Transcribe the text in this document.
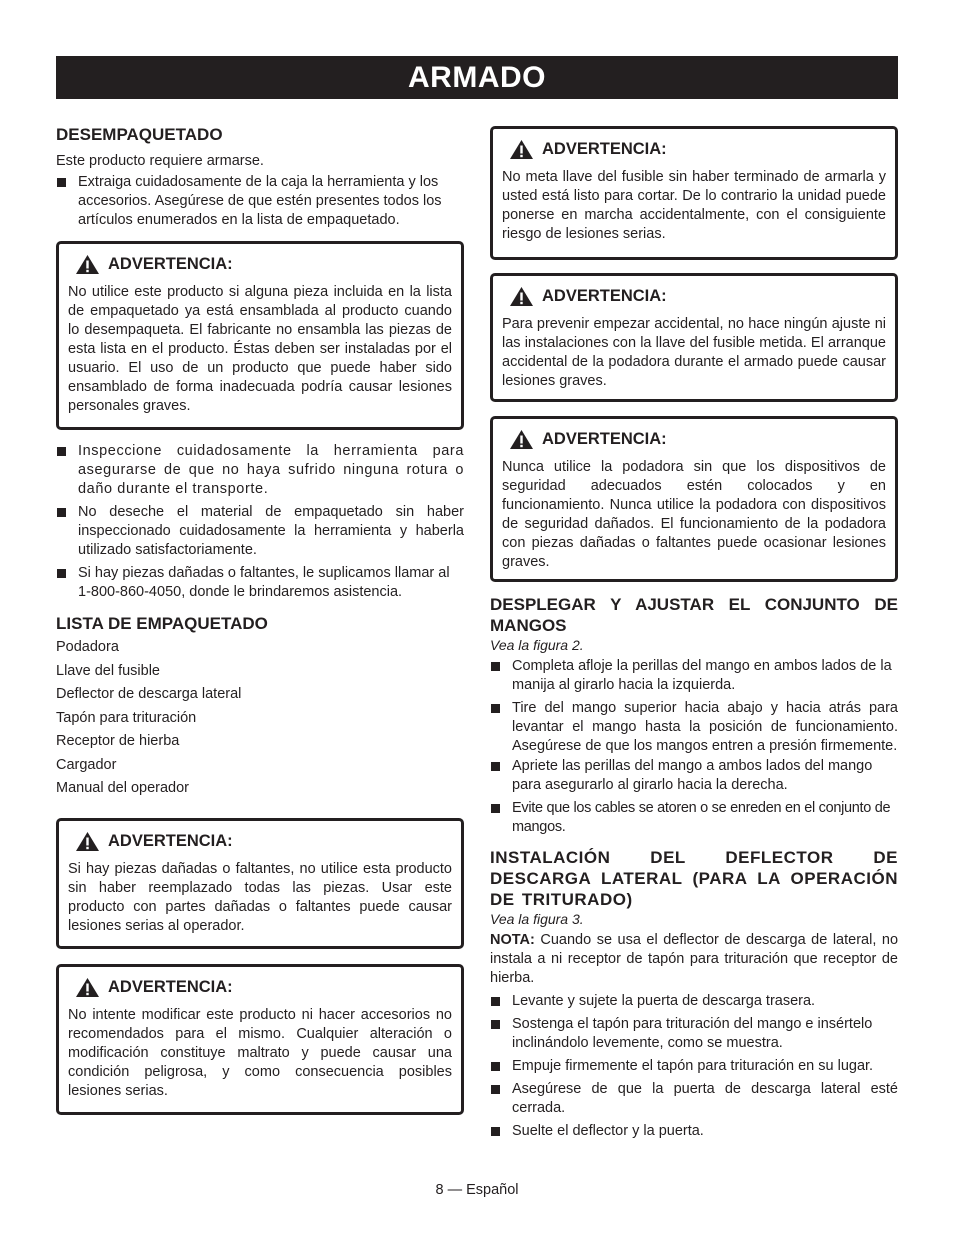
ARMADO
DESEMPAQUETADO

Este producto requiere armarse.

Extraiga cuidadosamente de la caja la herramienta y los accesorios. Asegúrese de que estén presentes todos los artículos enumerados en la lista de empaquetado.
ADVERTENCIA:

No utilice este producto si alguna pieza incluida en la lista de empaquetado ya está ensamblada al producto cuando lo desempaqueta. El fabricante no ensambla las piezas de esta lista en el producto. Éstas deben ser instaladas por el usuario. El uso de un producto que puede haber sido ensamblado de forma inadecuada podría causar lesiones personales graves.

Inspeccione cuidadosamente la herramienta para asegurarse de que no haya sufrido ninguna rotura o daño durante el transporte.
No deseche el material de empaquetado sin haber inspeccionado cuidadosamente la herramienta y haberla utilizado satisfactoriamente.
Si hay piezas dañadas o faltantes, le suplicamos llamar al 1-800-860-4050, donde le brindaremos asistencia.
LISTA DE EMPAQUETADO
Podadora
Llave del fusible
Deflector de descarga lateral
Tapón para trituración
Receptor de hierba
Cargador
Manual del operador
ADVERTENCIA:

Si hay piezas dañadas o faltantes, no utilice esta producto sin haber reemplazado todas las piezas. Usar este producto con partes dañadas o faltantes puede causar lesiones serias al operador.

ADVERTENCIA:

No intente modificar este producto ni hacer accesorios no recomendados para el mismo. Cualquier alteración o modificación constituye maltrato y puede causar una condición peligrosa, y como consecuencia posibles lesiones serias.

ADVERTENCIA:

No meta llave del fusible sin haber terminado de armarla y usted está listo para cortar. De lo contrario la unidad puede ponerse en marcha accidentalmente, con el consiguiente riesgo de lesiones serias.

ADVERTENCIA:

Para prevenir empezar accidental, no hace ningún ajuste ni las instalaciones con la llave del fusible metida. El arranque accidental de la podadora durante el armado puede causar lesiones graves.

ADVERTENCIA:

Nunca utilice la podadora sin que los dispositivos de seguridad adecuados estén colocados y en funcionamiento. Nunca utilice la podadora con dispositivos de seguridad dañados. El funcionamiento de la podadora con piezas dañadas o faltantes puede ocasionar lesiones graves.

DESPLEGAR Y AJUSTAR EL CONJUNTO DE MANGOS
Vea la figura 2.
Completa afloje la perillas del mango en ambos lados de la manija al girarlo hacia la izquierda.
Tire del mango superior hacia abajo y hacia atrás para levantar el mango hasta la posición de funcionamiento. Asegúrese de que los mangos entren a presión firmemente.
Apriete las perillas del mango a ambos lados del mango para asegurarlo al girarlo hacia la derecha.
Evite que los cables se atoren o se enreden en el conjunto de mangos.
INSTALACIÓN DEL DEFLECTOR DE DESCARGA LATERAL (PARA LA OPERACIÓN DE TRITURADO)
Vea la figura 3.

NOTA: Cuando se usa el deflector de descarga de lateral, no instala a ni receptor de tapón para trituración que receptor de hierba.

Levante y sujete la puerta de descarga trasera.
Sostenga el tapón para trituración del mango e insértelo inclinándolo levemente, como se muestra.
Empuje firmemente el tapón para trituración en su lugar.
Asegúrese de que la puerta de descarga lateral esté cerrada.
Suelte el deflector y la puerta.
8 — Español
